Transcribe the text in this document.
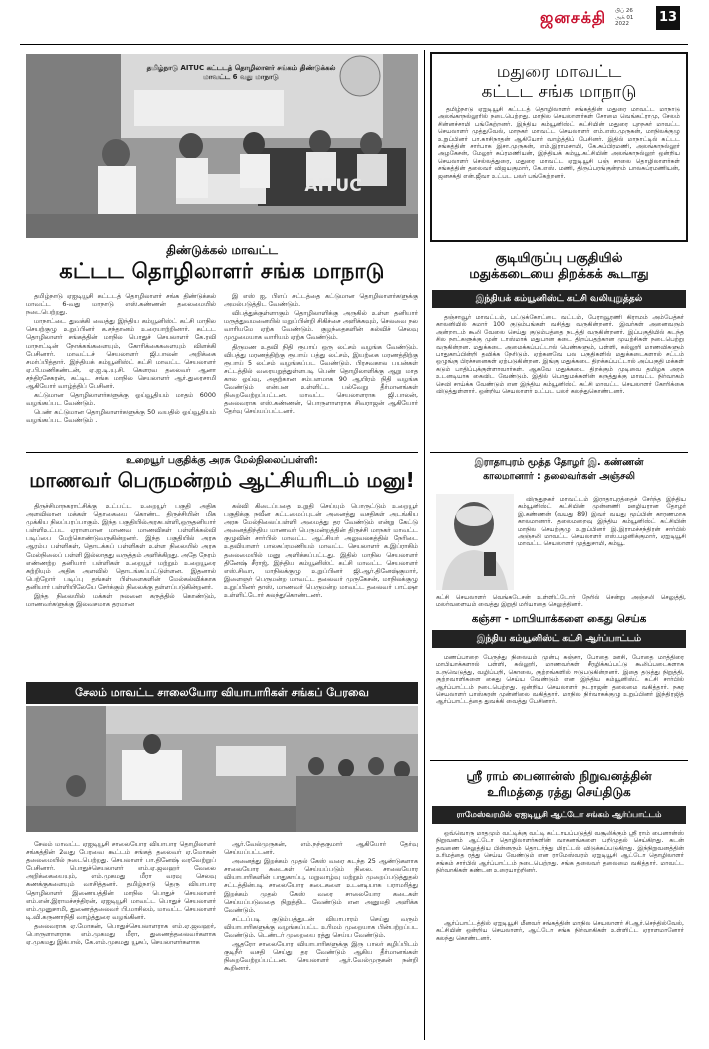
ஜனசக்தி பிப் 26
அக் 01
2022	13
தமிழ்நாடு AITUC கட்டடத் தொழிலாளர் சங்கம் திண்டுக்கல் மாவட்ட 6 வது மாநாடு
AITUC
திண்டுக்கல் மாவட்ட
கட்டட தொழிலாளர் சங்க மாநாடு

தமிழ்நாடு ஏஐடியூசி கட்டடத் தொழிலாளர் சங்க திண்டுக்கல் மாவட்ட 6-வது மாநாடு எஸ்.கண்ணன் தலைமையில் நடைபெற்றது.

மாநாட்டை துவக்கி வைத்து இந்திய கம்யூனிஸ்ட் கட்சி மாநில செயற்குழு உறுப்பினர் க.சந்தானம் உரையாற்றினார். கட்டட தொழிலாளர் சங்கத்தின் மாநில பொதுச் செயலாளர் கே.ரவி மாநாட்டின் நோக்கங்களையும், கோரிக்கைகளையும் விளக்கி பேசினார். மாவட்டச் செயலாளர் ஜி.பாலன் அறிக்கை சமர்ப்பித்தார். இந்தியக் கம்யூனிஸ்ட் கட்சி மாவட்ட செயலாளர் ஏ.பி.மணிகண்டன், ஏ.ஐ.டி.யு.சி. கௌரவ தலைவர் ஆனா சந்திரசேகரன், கட்டிட சங்க மாநில செயலாளர் ஆர்.துரைசாமி ஆகியோர் வாழ்த்திப் பேசினர்.

கட்டுமான தொழிலாளர்களுக்கு ஓய்வூதியம் மாதம் 6000 வழங்கப்பட வேண்டும்.

பெண் கட்டுமான தொழிலாளர்களுக்கு 50 வயதில் ஓய்வூதியம் வழங்கப்பட வேண்டும் .

இ எஸ் ஐ, பிஎப் சட்டத்தை கட்டுமான தொழிலாளர்களுக்கு அமல்படுத்திட வேண்டும்.

விபத்துக்குள்ளாகும் தொழிலாளிக்கு அருகில் உள்ள தனியார் மருத்துவமனையில் மறுப்பின்றி சிகிச்சை அளிக்கவும், செலவை நல வாரியமே ஏற்க வேண்டும். குழந்தைகளின் கல்விச் செலவு முழுமையாக வாரியம் ஏற்க வேண்டும்.

திருமண உதவி நிதி ரூபாய் ஒரு லட்சம் வழங்க வேண்டும். விபத்து மரணத்திற்கு ரூபாய் பத்து லட்சம், இயற்கை மரணத்திற்கு ரூபாய் 5 லட்சம் வழங்கப்பட வேண்டும். பிரசவகால பயன்கள் சட்டத்தில் வரையறுத்துள்ளபடி பெண் தொழிலாளிக்கு ஆறு மாத கால ஓய்வு, அதற்கான சம்பளமாக 90 ஆயிரம் நிதி வழங்க வேண்டும் என்பன உள்ளிட்ட பல்வேறு தீர்மானங்கள் நிறைவேற்றப்பட்டன. மாவட்ட செயலாளராக ஜி.பாலன், தலைவராக எஸ்.கண்ணன், பொருளாளராக சிவராஜன் ஆகியோர் தேர்வு செய்யப்பட்டனர்.

உறையூர் பகுதிக்கு அரசு மேல்நிலைப்பள்ளி:
மாணவர் பெருமன்றம் ஆட்சியரிடம் மனு!

திருச்சிமாநகராட்சிக்கு உட்பட்ட உறையூர் பகுதி அதிக அளவிலான மக்கள் தொகையை கொண்ட திருச்சியின் மிக முக்கிய நிலப்பரப்பாகும். இந்த பகுதியில்அரசுபள்ளி,ஒருதனியார் பள்ளிஉட்பட ஏராளமான மாணவ மாணவிகள் பள்ளிக்கல்வி படிப்பை மேற்கொண்டுவருகின்றனர். இந்த பகுதியில் அரசு ஆரம்ப பள்ளிகள், தொடக்கப் பள்ளிகள் உள்ள நிலையில் அரசு மேல்நிலைப் பள்ளி இல்லாதது வருத்தம் அளிக்கிறது. அதே நேரம் எண்ணற்ற தனியார் பள்ளிகள் உறையூர் மற்றும் உறையூரை சுற்றியும் அதிக அளவில் தொடங்கப்பட்டுள்ளன. இதனால் பெற்றோர் படிப்பு தங்கள் பிள்ளைகளின் மேல்கல்விக்காக தனியார் பள்ளியிலேயே சேர்க்கும் நிலைக்கு தள்ளப்படுகின்றனர்.

இந்த நிலையில் மக்கள் நலனை கருத்தில் கொண்டும், மாணவர்களுக்கு இலவசமாக தரமான

கல்வி கிடைப்பதை உறுதி செய்யும் பொருட்டும் உறையூர் பகுதிக்கு நவீன கட்டமைப்புடன் அனைத்து வசதிகள் அடங்கிய அரசு மேல்நிலைப்பள்ளி அமைத்து தர வேண்டும் என்று கேட்டு அனைத்திந்திய மாணவர் பெருமன்றத்தின் திருச்சி மாநகர் மாவட்ட குழுவின் சார்பில் மாவட்ட ஆட்சியர் அலுவலகத்தில் நேரிடை உதவியாளர் பாலசுப்ரமணியம் மாவட்ட செயலாளர் க.இப்ராகிம் தலைமையில் மனு அளிக்கப்பட்டது. இதில் மாநில செயலாளர் தினேஷ் சீராஜ், இந்திய கம்யூனிஸ்ட் கட்சி மாவட்ட செயலாளர் எஸ்.சிவா, மாநிலக்குழு உறுப்பினர் ஜி.ஆர்.தினேஷ்குமார், இளைஞர் பெருமன்ற மாவட்ட தலைவர் முருகேசன், மாநிலக்குழு உறுப்பினர் தாஸ், மாணவர் பெருமன்ற மாவட்ட தலைவர் பாட்ஷா உள்ளிட்டோர் கலந்துகொண்டனர்.

சேலம் மாவட்ட சாலையோர வியாபாரிகள் சங்கப் பேரவை

சேலம் மாவட்ட ஏஐடியூசி சாலையோர வியாபார தொழிலாளர் சங்கத்தின் 2வது பேரவை கூட்டம் சங்கத் தலைவர் ஏ.மோகன் தலைமையில் நடைபெற்றது. செயலாளர் பா.தினேஷ் வரவேற்றுப் பேசினார். பொதுச்செயலாளர் எம்.ஏ.ஜவஹர் வேலை அறிக்கையையும், எம்.முகமது மீரா வரவு செலவு கணக்குகளையும் வாசித்தனர். தமிழ்நாடு தெரு வியாபார தொழிலாளர் இணையத்தின் மாநில பொதுச் செயலாளர் எம்.என்.இராமச்சந்திரன், ஏஐடியூசி மாவட்ட பொதுச் செயலாளர் எம்.முனுசாமி, துணைத்தலைவர் பி.மாசிலம், மாவட்ட செயலாளர் டி.வி.கருணாநிதி வாழ்த்துரை வழங்கினர்.

தலைவராக ஏ.மோகன், பொதுச்செயலாளராக எம்.ஏ.ஜவஹர், பொருளாளராக எம்.முகமது மீரா, துணைத்தலைவர்களாக ஏ.முகமது இக்பால், கே.எம்.முகமது யூசுப், செயலாளர்களாக

ஆர்.வேல்முருகன், எம்.நந்தகுமார் ஆகியோர் தேர்வு செய்யப்பட்டனர்.

அனைத்து இறக்கம் முதல் கேஸ் வரை கடந்த 25 ஆண்டுகளாக சாலையோர கடைகள் செய்யப்படும் நிலை. சாலையோர வியாபாரிகளின் பாதுகாப்பு, மறுவாழ்வு மற்றும் முறைப்படுத்துதல் சட்டத்தின்படி சாலையோர கடைகளை உடனடியாக பராமரித்து இறக்கம் முதல் கேஸ் வரை சாலையோர கடைகள் செய்யப்படுவதை நிறுத்திட வேண்டும் என அனுமதி அளிக்க வேண்டும்.

சட்டப்படி குடும்பத்துடன் வியாபாரம் செய்து வரும் வியாபாரிகளுக்கு வழங்கப்பட்ட உரிமம் முறையாக பின்பற்றப்பட வேண்டும். டெண்டர் முறையை ரத்து செய்ய வேண்டும்.

ஆதரோ சாலையோர வியாபாரிகளுக்கு இரு பாலர் கழிப்பிடம் குடிநீர் வசதி செய்து தர வேண்டும் ஆகிய தீர்மானங்கள் நிறைவேற்றப்பட்டன. செயலாளர் ஆர்.வேல்முருகன் நன்றி கூறினார்.

மதுரை மாவட்ட
கட்டட சங்க மாநாடு
தமிழ்நாடு ஏஐடியூசி கட்டடத் தொழிலாளர் சங்கத்தின் மதுரை மாவட்ட மாநாடு அலங்காநல்லூரில் நடைபெற்றது. மாநில செயலாளர்கள் சோமை வெங்கட்ராமு, சேலம் சின்னச்சாமி பங்கேற்றனர். இந்திய கம்யூனிஸ்ட் கட்சியின் மதுரை புறநகர் மாவட்ட செயலாளர் முத்துவேல், மாநகர் மாவட்ட செயலாளர் எம்.எஸ்.முருகன், மாநிலக்குழு உறுப்பினர் பா.காசிநாதன் ஆகியோர் வாழ்த்திப் பேசினர். இதில் மாநாட்டில் கட்டட சங்கத்தின் சார்பாக இசா.முருகன், எம்.இராமசாமி, கே.சுப்பிரமணி, அலங்காநல்லூர் அழகேசன், மேலூர் சுப்ரமணியன், இந்தியக் கம்யூ.கட்சியின் அலங்காநல்லூர் ஒன்றிய செயலாளர் செல்லத்துரை, மதுரை மாவட்ட ஏஐடியூசி பஞ் சாலை தொழிலாளர்கள் சங்கத்தின் தலைவர் விஜயகுமார், கே.எஸ். மணி, திருப்பரங்குன்றம் பாலசுப்ரமணியன், ஜனசக்தி என்.ஜீவா உட்பட பலர் பங்கேற்றனர்.
குடியிருப்பு பகுதியில்
மதுக்கடையை திறக்கக் கூடாது
இந்தியக் கம்யூனிஸ்ட் கட்சி வலியுறுத்தல்
தஞ்சாவூர் மாவட்டம், பட்டுக்கோட்டை வட்டம், பேராவூரணி கிராமம் அம்பேத்கர் காலனியில் சுமார் 100 குடும்பங்கள் வசித்து வருகின்றனர். இவர்கள் அனைவரும் அன்றாடம் கூலி வேலை செய்து குடும்பத்தை நடத்தி வருகின்றனர். இப்பகுதியில் கடந்த சில நாட்களுக்கு முன் டாஸ்மாக் மதுபான கடை திறப்பதற்கான முயற்சிகள் நடைபெற்று வருகின்றன. மதுக்கடை அமைக்கப்பட்டால் பெண்களும், பள்ளி, கல்லூரி மாணவிகளும் பாதுகாப்பின்றி தவிக்க நேரிடும். ஏற்கனவே பல பகுதிகளில் மதுக்கடைகளால் சட்டம் ஒழுங்கு பிரச்சனைகள் ஏற்படுகின்றன. இங்கு மதுக்கடை திறக்கப்பட்டால் அப்பகுதி மக்கள் கடும் பாதிப்புக்குள்ளாவார்கள். ஆகவே மதுக்கடை திறக்கும் முடிவை தமிழக அரசு உடனடியாக கைவிட வேண்டும். இதில் பொதுமக்களின் கருத்துக்கு மாவட்ட நிர்வாகம் செவி சாய்க்க வேண்டும் என இந்திய கம்யூனிஸ்ட் கட்சி மாவட்ட செயலாளர் கோரிக்கை விடுத்துள்ளார். ஒன்றிய செயலாளர் உட்பட பலர் கலந்துகொண்டனர்.
இராதாபுரம் மூத்த தோழர் இ. கண்ணன்
காலமானார் : தலைவர்கள் அஞ்சலி
விருதுநகர் மாவட்டம் இராதாபுரத்தைச் சேர்ந்த இந்திய கம்யூனிஸ்ட் கட்சியின் முன்னணி ஊழியரான தோழர் இ.கண்ணன் (வயது 89) இவர் வயது மூப்பின் காரணமாக காலமானார். தலைமறைவு இந்திய கம்யூனிஸ்ட் கட்சியின் மாநில செயற்குழு உறுப்பினர் இ.இராமச்சந்திரன் சார்பில் அஞ்சலி மாவட்ட செயலாளர் எஸ்.பழனிக்குமார், ஏஐடியூசி மாவட்ட செயலாளர் முத்துசாமி, கம்யூ.
கட்சி செயலாளர் வெங்கடேசன் உள்ளிட்டோர் நேரில் சென்று அஞ்சலி செலுத்தி, மலர்வளையம் வைத்து இறுதி மரியாதை செலுத்தினர்.
கஞ்சா - மாபியாக்களை கைது செய்க
இந்திய கம்யூனிஸ்ட் கட்சி ஆர்ப்பாட்டம்
மணப்பாறை பேருந்து நிலையம் முன்பு கஞ்சா, போதை ஊசி, போதை மாத்திரை மாபியாக்களால் பள்ளி, கல்லூரி, மாணவர்கள் சீரழிக்கப்பட்டு கூலிப்படைகளாக உருவெடுத்து, வழிப்பறி, கொலை, குற்றங்களில் ஈடுபடுகின்றனர். இதை தடுத்து நிறுத்தி, குற்றவாளிகளை கைது செய்ய வேண்டும் என இந்திய கம்யூனிஸ்ட் கட்சி சார்பில் ஆர்ப்பாட்டம் நடைபெற்றது. ஒன்றிய செயலாளர் நடராஜன் தலைமை வகித்தார். நகர செயலாளர் பாஸ்கரன் முன்னிலை வகித்தார். மாநில நிர்வாகக்குழு உறுப்பினர் இந்திரஜித் ஆர்ப்பாட்டத்தை துவக்கி வைத்து பேசினார்.
ஸ்ரீ ராம் பைனான்ஸ் நிறுவனத்தின்
உரிமத்தை ரத்து செய்திடுக
ராமேஸ்வரமில் ஏஐடியூசி ஆட்டோ சங்கம் ஆர்ப்பாட்டம்
ஒவ்வொரு மாதமும் வட்டிக்கு வட்டி கட்டாயப்படுத்தி வசூலிக்கும் ஸ்ரீ ராம் பைனான்ஸ் நிறுவனம் ஆட்டோ தொழிலாளர்களின் வாகனங்களை பறிமுதல் செய்கிறது. கடன் தவணை செலுத்திய பின்னரும் தொடர்ந்து மிரட்டல் விடுக்கப்படுகிறது. இந்நிறுவனத்தின் உரிமத்தை ரத்து செய்ய வேண்டும் என ராமேஸ்வரம் ஏஐடியூசி ஆட்டோ தொழிலாளர் சங்கம் சார்பில் ஆர்ப்பாட்டம் நடைபெற்றது. சங்க தலைவர் தலைமை வகித்தார். மாவட்ட நிர்வாகிகள் கண்டன உரையாற்றினர்.
ஆர்ப்பாட்டத்தில் ஏஐடியூசி மீனவர் சங்கத்தின் மாநில செயலாளர் சி.ஆர்.செந்தில்வேல், கட்சியின் ஒன்றிய செயலாளர், ஆட்டோ சங்க நிர்வாகிகள் உள்ளிட்ட ஏராளமானோர் கலந்து கொண்டனர்.
